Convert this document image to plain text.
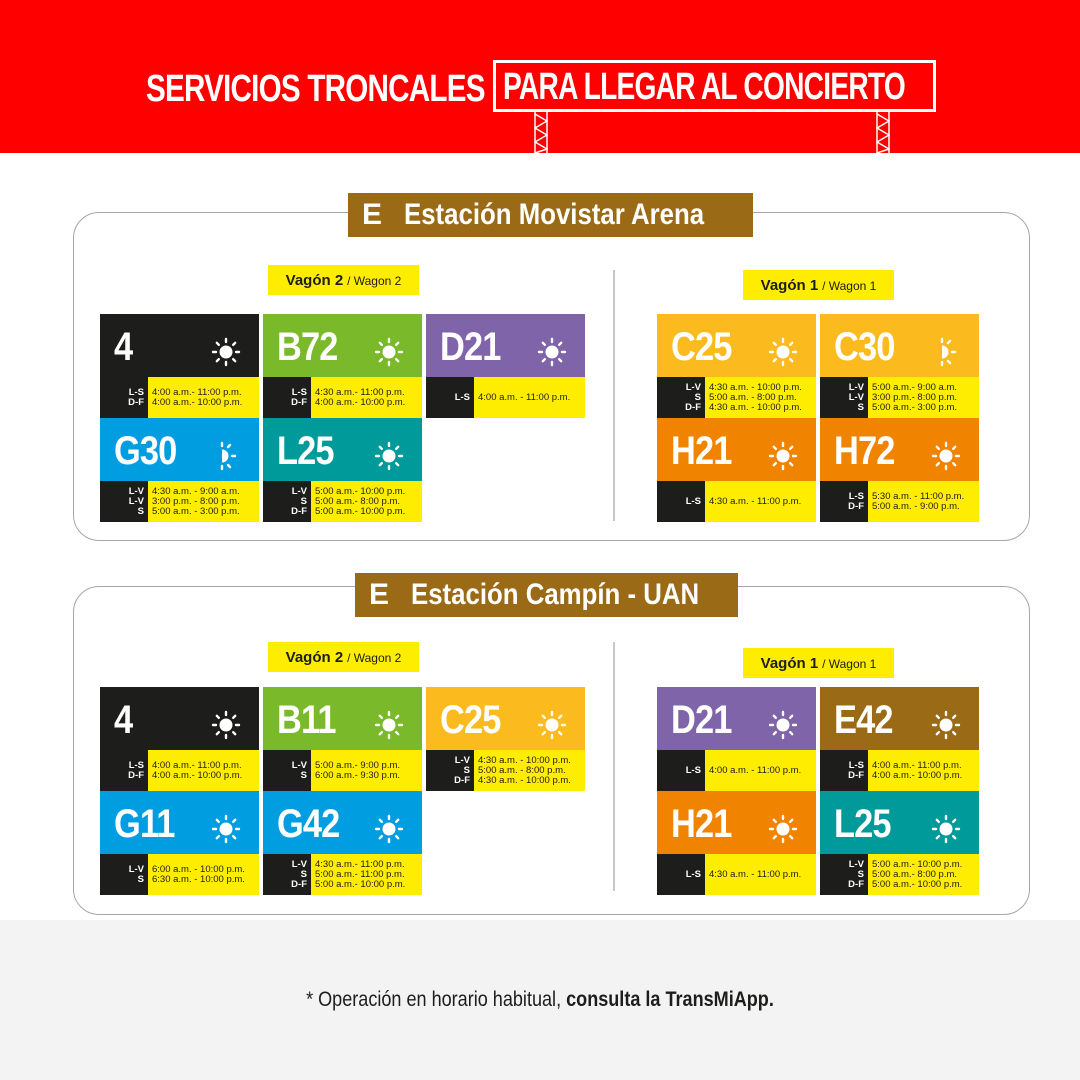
SERVICIOS TRONCALES PARA LLEGAR AL CONCIERTO
E Estación Movistar Arena
Vagón 2 / Wagon 2	Vagón 1 / Wagon 1
4
L-S
D-F
4:00 a.m.- 11:00 p.m.
4:00 a.m.- 10:00 p.m.
B72
L-S
D-F
4:30 a.m.- 11:00 p.m.
4:00 a.m.- 10:00 p.m.
D21
L-S 4:00 a.m. - 11:00 p.m.
G30
L-V
L-V
S
4:30 a.m. - 9:00 a.m.
3:00 p.m. - 8:00 p.m.
5:00 a.m. - 3:00 p.m.
L25
L-V
S
D-F
5:00 a.m.- 10:00 p.m.
5:00 a.m.- 8:00 p.m.
5:00 a.m.- 10:00 p.m.
C25
L-V
S
D-F
4:30 a.m. - 10:00 p.m.
5:00 a.m. - 8:00 p.m.
4:30 a.m. - 10:00 p.m.
C30
L-V
L-V
S
5:00 a.m.- 9:00 a.m.
3:00 p.m.- 8:00 p.m.
5:00 a.m.- 3:00 p.m.
H21
L-S 4:30 a.m. - 11:00 p.m.
H72
L-S
D-F
5:30 a.m. - 11:00 p.m.
5:00 a.m. - 9:00 p.m.
E Estación Campín - UAN
Vagón 2 / Wagon 2	Vagón 1 / Wagon 1
4
L-S
D-F
4:00 a.m.- 11:00 p.m.
4:00 a.m.- 10:00 p.m.
B11
L-V
S
5:00 a.m.- 9:00 p.m.
6:00 a.m.- 9:30 p.m.
C25
L-V
S
D-F
4:30 a.m. - 10:00 p.m.
5:00 a.m. - 8:00 p.m.
4:30 a.m. - 10:00 p.m.
G11
L-V
S
6:00 a.m. - 10:00 p.m.
6:30 a.m. - 10:00 p.m.
G42
L-V
S
D-F
4:30 a.m.- 11:00 p.m.
5:00 a.m.- 11:00 p.m.
5:00 a.m.- 10:00 p.m.
D21
L-S 4:00 a.m. - 11:00 p.m.
E42
L-S
D-F
4:00 a.m.- 11:00 p.m.
4:00 a.m.- 10:00 p.m.
H21
L-S 4:30 a.m. - 11:00 p.m.
L25
L-V
S
D-F
5:00 a.m.- 10:00 p.m.
5:00 a.m.- 8:00 p.m.
5:00 a.m.- 10:00 p.m.
* Operación en horario habitual, consulta la TransMiApp.
